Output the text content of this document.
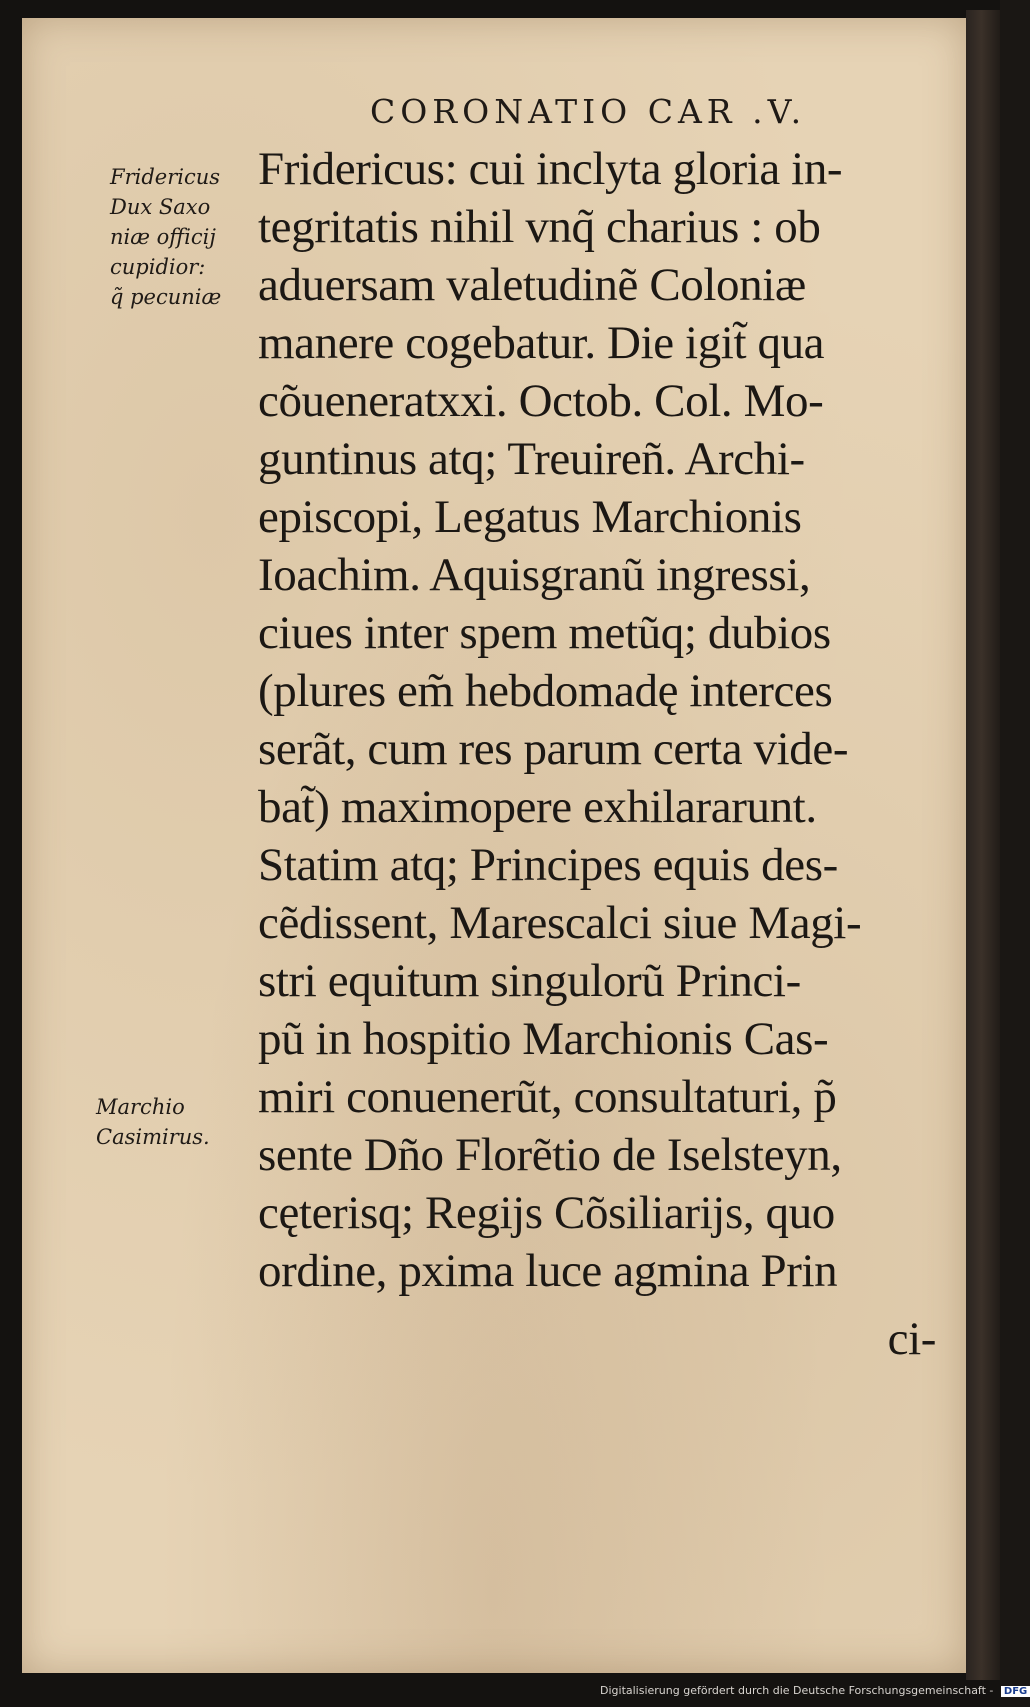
CORONATIO CAR .V.
Fridericus
Dux Saxo
niæ officij
cupidior:
q̃ pecuniæ
Marchio
Casimirus.
Fridericus: cui inclyta gloria in-
tegritatis nihil vnq̃ charius : ob
aduersam valetudinẽ Coloniæ
manere cogebatur. Die igit̃ qua
cõueneratxxi. Octob. Col. Mo-
guntinus atq; Treuireñ. Archi-
episcopi, Legatus Marchionis
Ioachim. Aquisgranũ ingressi,
ciues inter spem metũq; dubios
(plures em̃ hebdomadę interces
serãt, cum res parum certa vide-
bat̃) maximopere exhilararunt.
Statim atq; Principes equis des-
cẽdissent, Marescalci siue Magi-
stri equitum singulorũ Princi-
pũ in hospitio Marchionis Cas-
miri conuenerũt, consultaturi, p̃
sente Dño Florẽtio de Iselsteyn,
cęterisq; Regijs Cõsiliarijs, quo
ordine, pxima luce agmina Prin
ci-
Digitalisierung gefördert durch die Deutsche Forschungsgemeinschaft - DFG
